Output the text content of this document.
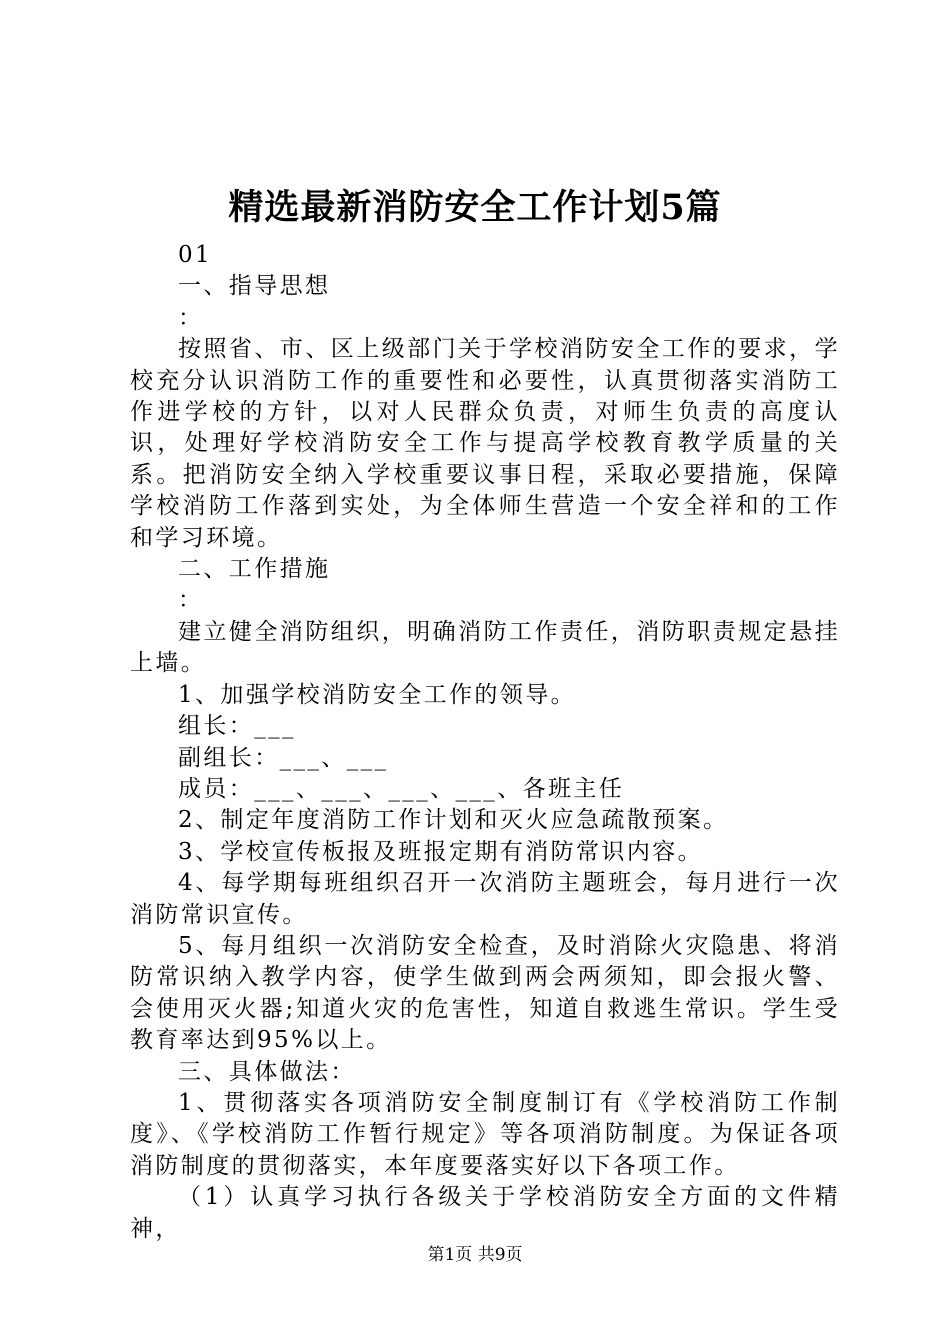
精选最新消防安全工作计划5篇

01

一、指导思想

：

按照省、市、区上级部门关于学校消防安全工作的要求，学校充分认识消防工作的重要性和必要性，认真贯彻落实消防工作进学校的方针，以对人民群众负责，对师生负责的高度认识，处理好学校消防安全工作与提高学校教育教学质量的关系。把消防安全纳入学校重要议事日程，采取必要措施，保障学校消防工作落到实处，为全体师生营造一个安全祥和的工作和学习环境。

二、工作措施

：

建立健全消防组织，明确消防工作责任，消防职责规定悬挂上墙。

1、加强学校消防安全工作的领导。

组长：___

副组长：___、___

成员：___、___、___、___、各班主任

2、制定年度消防工作计划和灭火应急疏散预案。

3、学校宣传板报及班报定期有消防常识内容。

4、每学期每班组织召开一次消防主题班会，每月进行一次消防常识宣传。

5、每月组织一次消防安全检查，及时消除火灾隐患、将消防常识纳入教学内容，使学生做到两会两须知，即会报火警、会使用灭火器;知道火灾的危害性，知道自救逃生常识。学生受教育率达到95%以上。

三、具体做法：

1、贯彻落实各项消防安全制度制订有《学校消防工作制度》、《学校消防工作暂行规定》等各项消防制度。为保证各项消防制度的贯彻落实，本年度要落实好以下各项工作。

（1）认真学习执行各级关于学校消防安全方面的文件精神，

第1页 共9页
